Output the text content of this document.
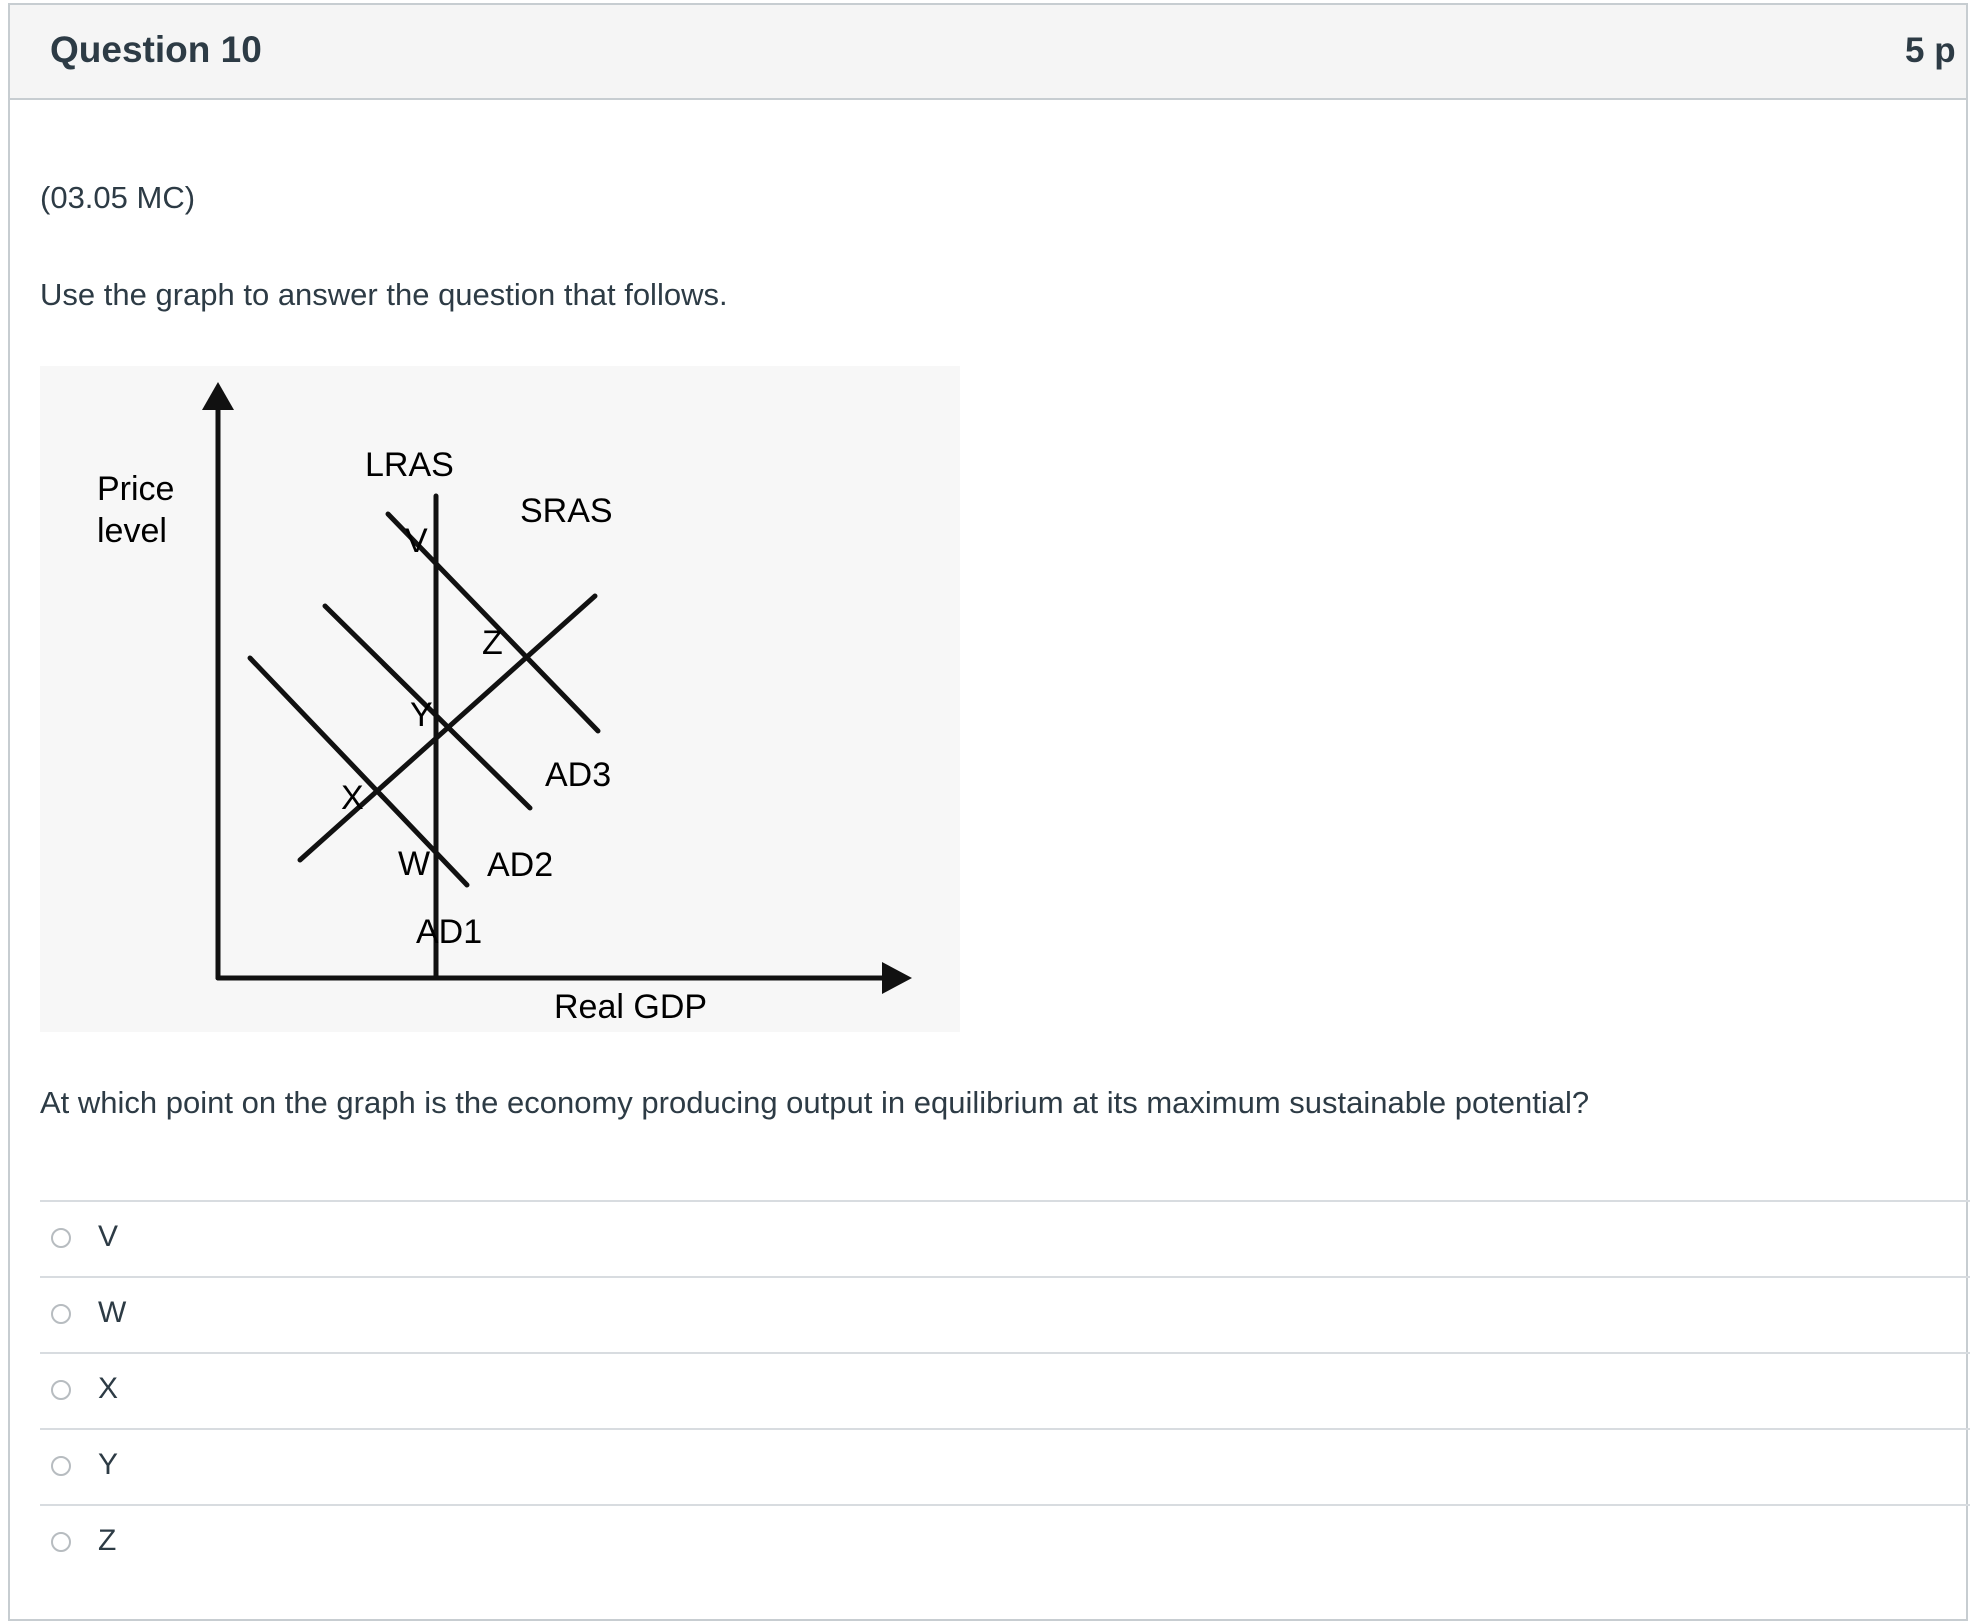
Question 10	5 p
(03.05 MC)
Use the graph to answer the question that follows.
Price
level
Real GDP
LRAS
SRAS
AD1
AD2
AD3
V
W
X
Y
Z
At which point on the graph is the economy producing output in equilibrium at its maximum sustainable potential?
V
W
X
Y
Z
